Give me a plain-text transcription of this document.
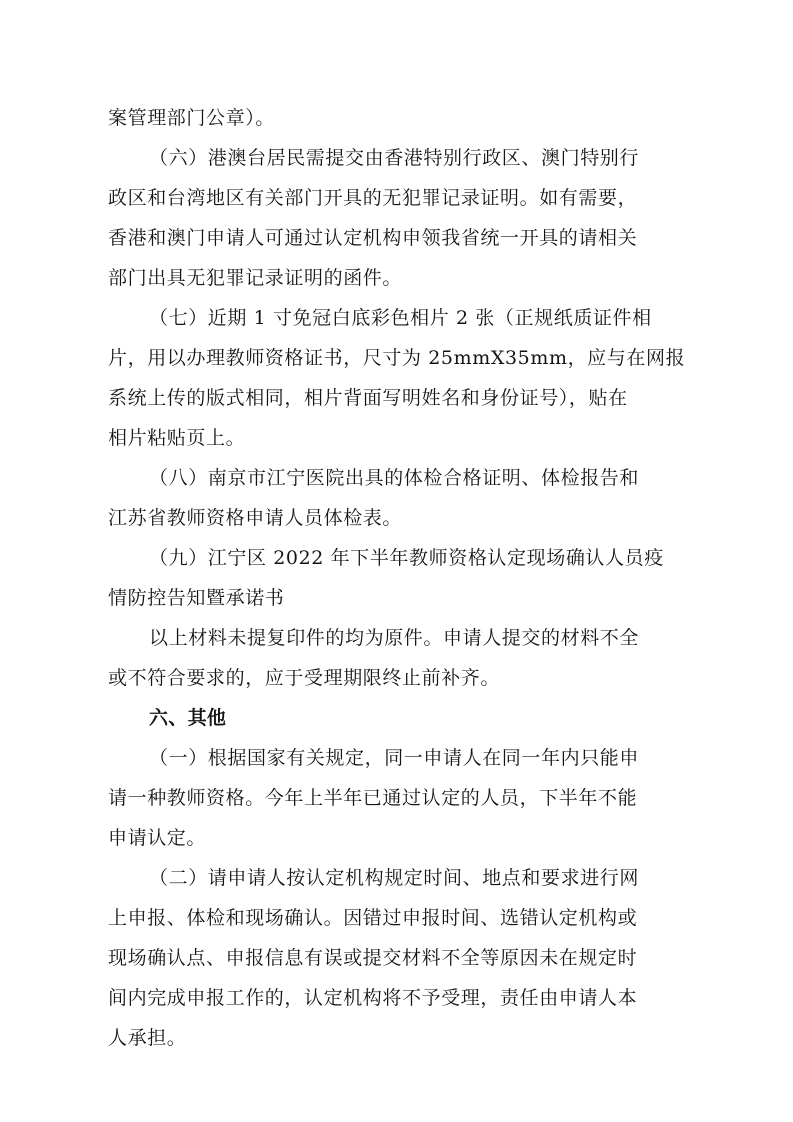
案管理部门公章）。
（六）港澳台居民需提交由香港特别行政区、澳门特别行
政区和台湾地区有关部门开具的无犯罪记录证明。如有需要，
香港和澳门申请人可通过认定机构申领我省统一开具的请相关
部门出具无犯罪记录证明的函件。
（七）近期 1 寸免冠白底彩色相片 2 张（正规纸质证件相
片，用以办理教师资格证书，尺寸为 25mmX35mm，应与在网报
系统上传的版式相同，相片背面写明姓名和身份证号），贴在
相片粘贴页上。
（八）南京市江宁医院出具的体检合格证明、体检报告和
江苏省教师资格申请人员体检表。
（九）江宁区 2022 年下半年教师资格认定现场确认人员疫
情防控告知暨承诺书
以上材料未提复印件的均为原件。申请人提交的材料不全
或不符合要求的，应于受理期限终止前补齐。
六、其他
（一）根据国家有关规定，同一申请人在同一年内只能申
请一种教师资格。今年上半年已通过认定的人员，下半年不能
申请认定。
（二）请申请人按认定机构规定时间、地点和要求进行网
上申报、体检和现场确认。因错过申报时间、选错认定机构或
现场确认点、申报信息有误或提交材料不全等原因未在规定时
间内完成申报工作的，认定机构将不予受理，责任由申请人本
人承担。
